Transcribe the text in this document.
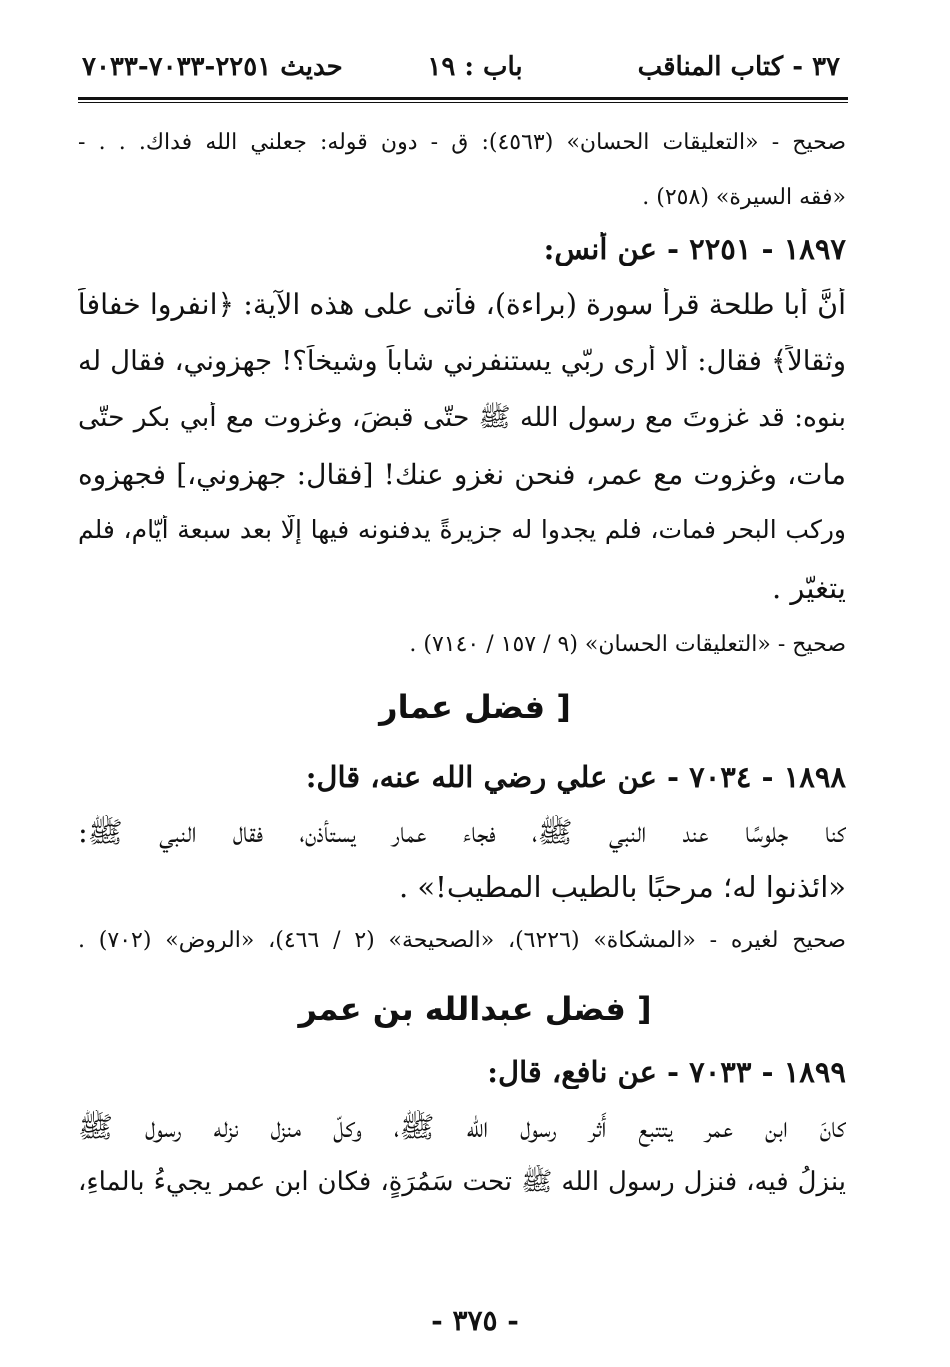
٣٧ - كتاب المناقب
باب : ١٩
حديث ٢٢٥١-٧٠٣٣-٧٠٣٣
صحيح - «التعليقات الحسان» (٤٥٦٣): ق - دون قوله: جعلني الله فداك. . . -
«فقه السيرة» (٢٥٨) .
١٨٩٧ - ٢٢٥١ - عن أنس:
أنَّ أَبا طلحة قرأ سورة (براءة)، فأَتى على هذه الآية: ﴿انفروا خفافاً
وثقالاً﴾ فقال: أَلا أَرى ربّي يستنفرني شاباً وشيخاً؟! جهزوني، فقال له
بنوه: قد غزوتَ مع رسول الله ﷺ حتّى قبضَ، وغزوت مع أَبي بكر حتّى
مات، وغزوت مع عمر، فنحن نغزو عنك! [فقال: جهزوني،] فجهزوه
وركب البحر فمات، فلم يجدوا له جزيرةً يدفنونه فيها إلّا بعد سبعة أَيّام، فلم
يتغيّر .
صحيح - «التعليقات الحسان» (٩ / ١٥٧ / ٧١٤٠) .
[ فضل عمار
١٨٩٨ - ٧٠٣٤ - عن علي رضي الله عنه، قال:
كنا جلوسًا عند النبي ﷺ، فجاء عمار يستأذن، فقال النبي ﷺ:
«ائذنوا له؛ مرحبًا بالطيب المطيب!» .
صحيح لغيره - «المشكاة» (٦٢٢٦)، «الصحيحة» (٢ / ٤٦٦)، «الروض» (٧٠٢) .
[ فضل عبدالله بن عمر
١٨٩٩ - ٧٠٣٣ - عن نافع، قال:
كانَ ابن عمر يتتبع أَثر رسول الله ﷺ، وكلّ منزل نزله رسول ﷺ
ينزلُ فيه، فنزل رسول الله ﷺ تحت سَمُرَةٍ، فكان ابن عمر يجيءُ بالماءِ،
- ٣٧٥ -
